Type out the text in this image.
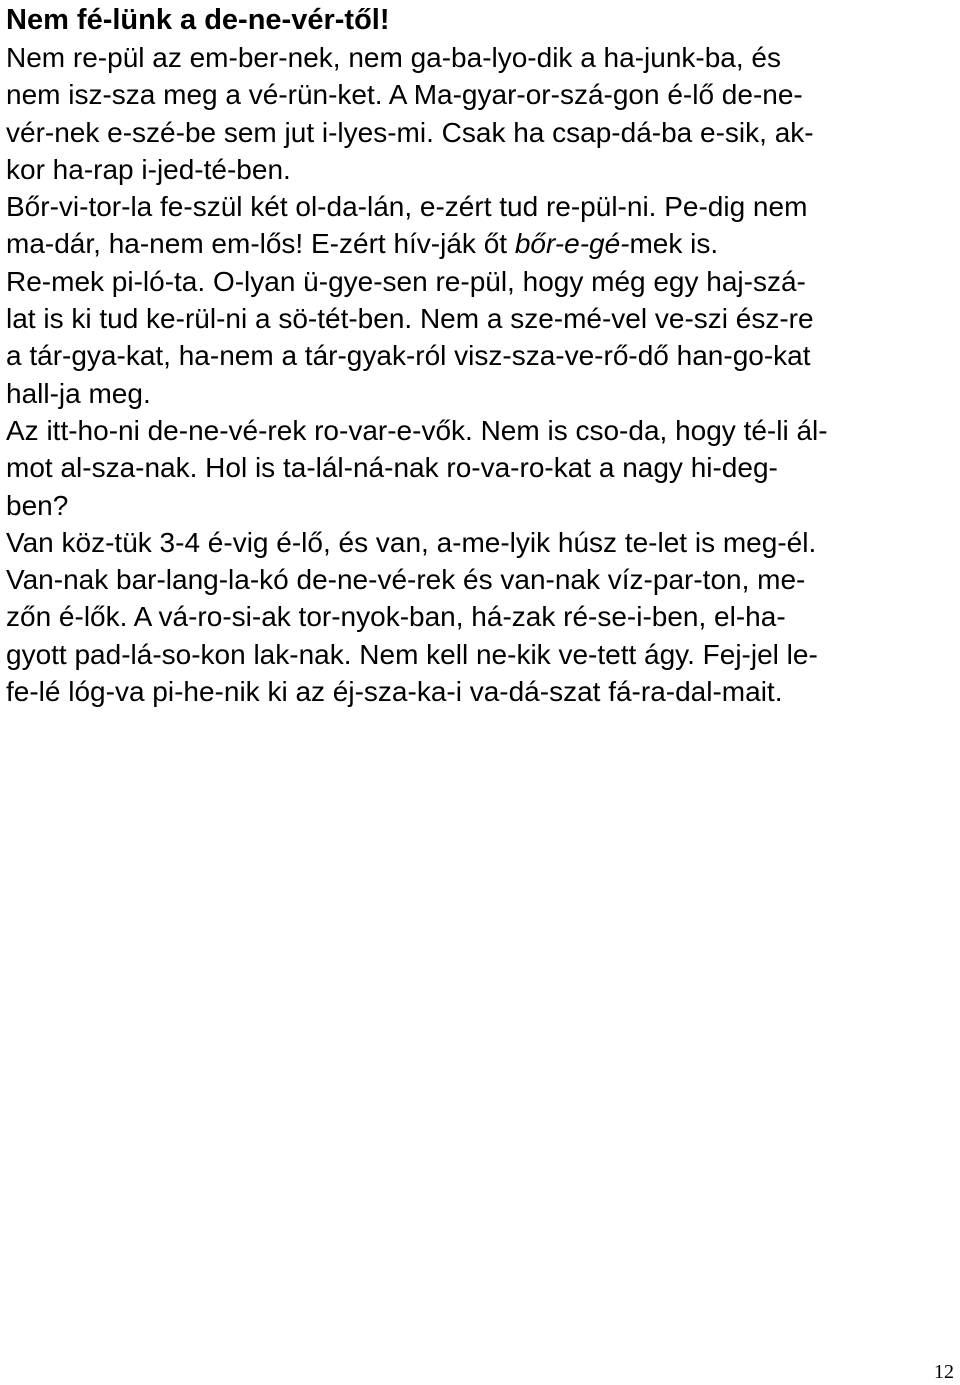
Nem fé-lünk a de-ne-vér-től!

Nem re-pül az em-ber-nek, nem ga-ba-lyo-dik a ha-junk-ba, és

nem isz-sza meg a vé-rün-ket. A Ma-gyar-or-szá-gon é-lő de-ne-

vér-nek e-szé-be sem jut i-lyes-mi. Csak ha csap-dá-ba e-sik, ak-

kor ha-rap i-jed-té-ben.

Bőr-vi-tor-la fe-szül két ol-da-lán, e-zért tud re-pül-ni. Pe-dig nem

ma-dár, ha-nem em-lős! E-zért hív-ják őt bőr-e-gé-mek is.

Re-mek pi-ló-ta. O-lyan ü-gye-sen re-pül, hogy még egy haj-szá-

lat is ki tud ke-rül-ni a sö-tét-ben. Nem a sze-mé-vel ve-szi ész-re

a tár-gya-kat, ha-nem a tár-gyak-ról visz-sza-ve-rő-dő han-go-kat

hall-ja meg.

Az itt-ho-ni de-ne-vé-rek ro-var-e-vők. Nem is cso-da, hogy té-li ál-

mot al-sza-nak. Hol is ta-lál-ná-nak ro-va-ro-kat a nagy hi-deg-

ben?

Van köz-tük 3-4 é-vig é-lő, és van, a-me-lyik húsz te-let is meg-él.

Van-nak bar-lang-la-kó de-ne-vé-rek és van-nak víz-par-ton, me-

zőn é-lők. A vá-ro-si-ak tor-nyok-ban, há-zak ré-se-i-ben, el-ha-

gyott pad-lá-so-kon lak-nak. Nem kell ne-kik ve-tett ágy. Fej-jel le-

fe-lé lóg-va pi-he-nik ki az éj-sza-ka-i va-dá-szat fá-ra-dal-mait.

12
